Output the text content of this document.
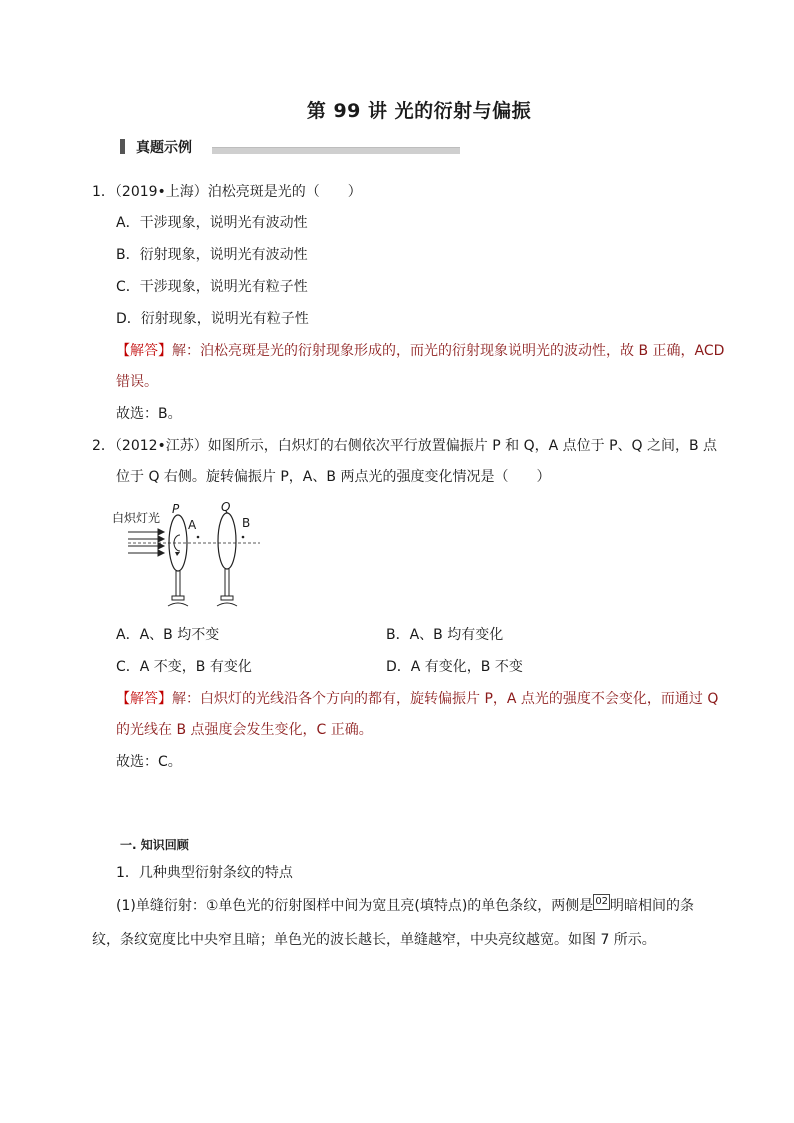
第 99 讲 光的衍射与偏振
真题示例
1．（2019•上海）泊松亮斑是光的（　　）
A．干涉现象，说明光有波动性
B．衍射现象，说明光有波动性
C．干涉现象，说明光有粒子性
D．衍射现象，说明光有粒子性
【解答】解：泊松亮斑是光的衍射现象形成的，而光的衍射现象说明光的波动性，故 B 正确，ACD
错误。
故选：B。
2．（2012•江苏）如图所示，白炽灯的右侧依次平行放置偏振片 P 和 Q，A 点位于 P、Q 之间，B 点
位于 Q 右侧。旋转偏振片 P，A、B 两点光的强度变化情况是（　　）
白炽灯光
P	Q
A	B
A．A、B 均不变	B．A、B 均有变化
C．A 不变，B 有变化	D．A 有变化，B 不变
【解答】解：白炽灯的光线沿各个方向的都有，旋转偏振片 P，A 点光的强度不会变化，而通过 Q
的光线在 B 点强度会发生变化，C 正确。
故选：C。
一. 知识回顾
1．几种典型衍射条纹的特点
(1)单缝衍射：①单色光的衍射图样中间为宽且亮(填特点)的单色条纹，两侧是 02 明暗相间的条
纹，条纹宽度比中央窄且暗；单色光的波长越长，单缝越窄，中央亮纹越宽。如图 7 所示。
